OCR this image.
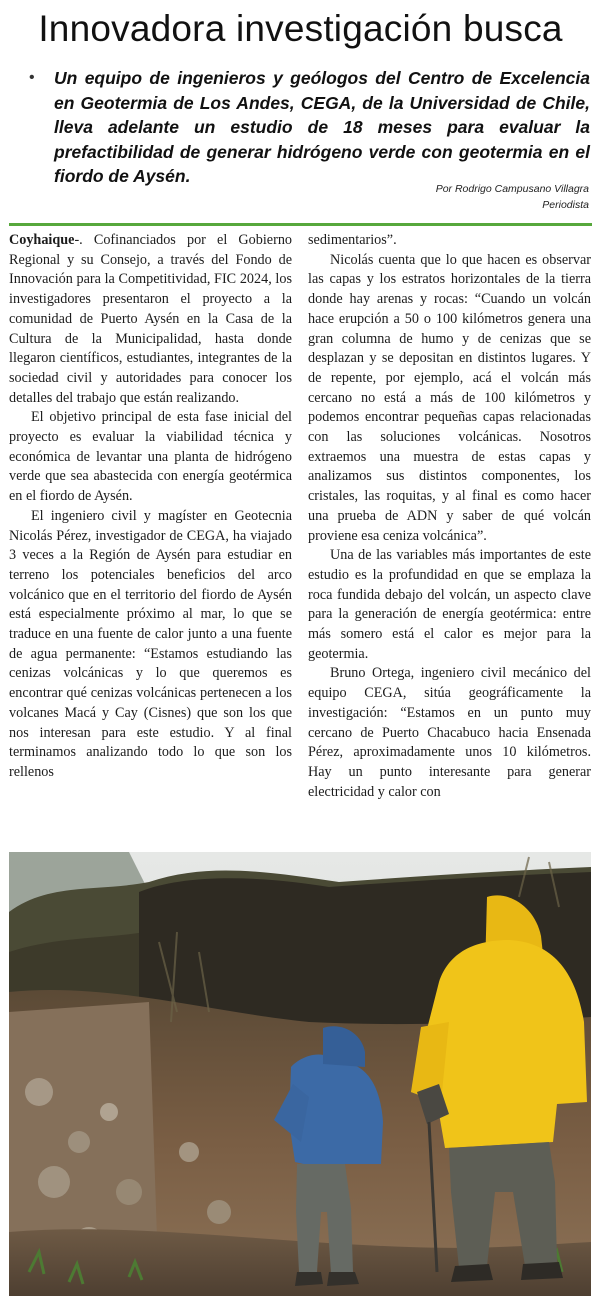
Innovadora investigación busca
• Un equipo de ingenieros y geólogos del Centro de Excelencia en Geotermia de Los Andes, CEGA, de la Universidad de Chile, lleva adelante un estudio de 18 meses para evaluar la prefactibilidad de generar hidrógeno verde con geotermia en el fiordo de Aysén.

Por Rodrigo Campusano Villagra
Periodista

Coyhaique-. Cofinanciados por el Gobierno Regional y su Consejo, a través del Fondo de Innovación para la Competitividad, FIC 2024, los investigadores presentaron el proyecto a la comunidad de Puerto Aysén en la Casa de la Cultura de la Municipalidad, hasta donde llegaron científicos, estudiantes, integrantes de la sociedad civil y autoridades para conocer los detalles del trabajo que están realizando.

El objetivo principal de esta fase inicial del proyecto es evaluar la viabilidad técnica y económica de levantar una planta de hidrógeno verde que sea abastecida con energía geotérmica en el fiordo de Aysén.

El ingeniero civil y magíster en Geotecnia Nicolás Pérez, investigador de CEGA, ha viajado 3 veces a la Región de Aysén para estudiar en terreno los potenciales beneficios del arco volcánico que en el territorio del fiordo de Aysén está especialmente próximo al mar, lo que se traduce en una fuente de calor junto a una fuente de agua permanente: “Estamos estudiando las cenizas volcánicas y lo que queremos es encontrar qué cenizas volcánicas pertenecen a los volcanes Macá y Cay (Cisnes) que son los que nos interesan para este estudio. Y al final terminamos analizando todo lo que son los rellenos

sedimentarios”.

Nicolás cuenta que lo que hacen es observar las capas y los estratos horizontales de la tierra donde hay arenas y rocas: “Cuando un volcán hace erupción a 50 o 100 kilómetros genera una gran columna de humo y de cenizas que se desplazan y se depositan en distintos lugares. Y de repente, por ejemplo, acá el volcán más cercano no está a más de 100 kilómetros y podemos encontrar pequeñas capas relacionadas con las soluciones volcánicas. Nosotros extraemos una muestra de estas capas y analizamos sus distintos componentes, los cristales, las roquitas, y al final es como hacer una prueba de ADN y saber de qué volcán proviene esa ceniza volcánica”.

Una de las variables más importantes de este estudio es la profundidad en que se emplaza la roca fundida debajo del volcán, un aspecto clave para la generación de energía geotérmica: entre más somero está el calor es mejor para la geotermia.

Bruno Ortega, ingeniero civil mecánico del equipo CEGA, sitúa geográficamente la investigación: “Estamos en un punto muy cercano de Puerto Chacabuco hacia Ensenada Pérez, aproximadamente unos 10 kilómetros. Hay un punto interesante para generar electricidad y calor con
